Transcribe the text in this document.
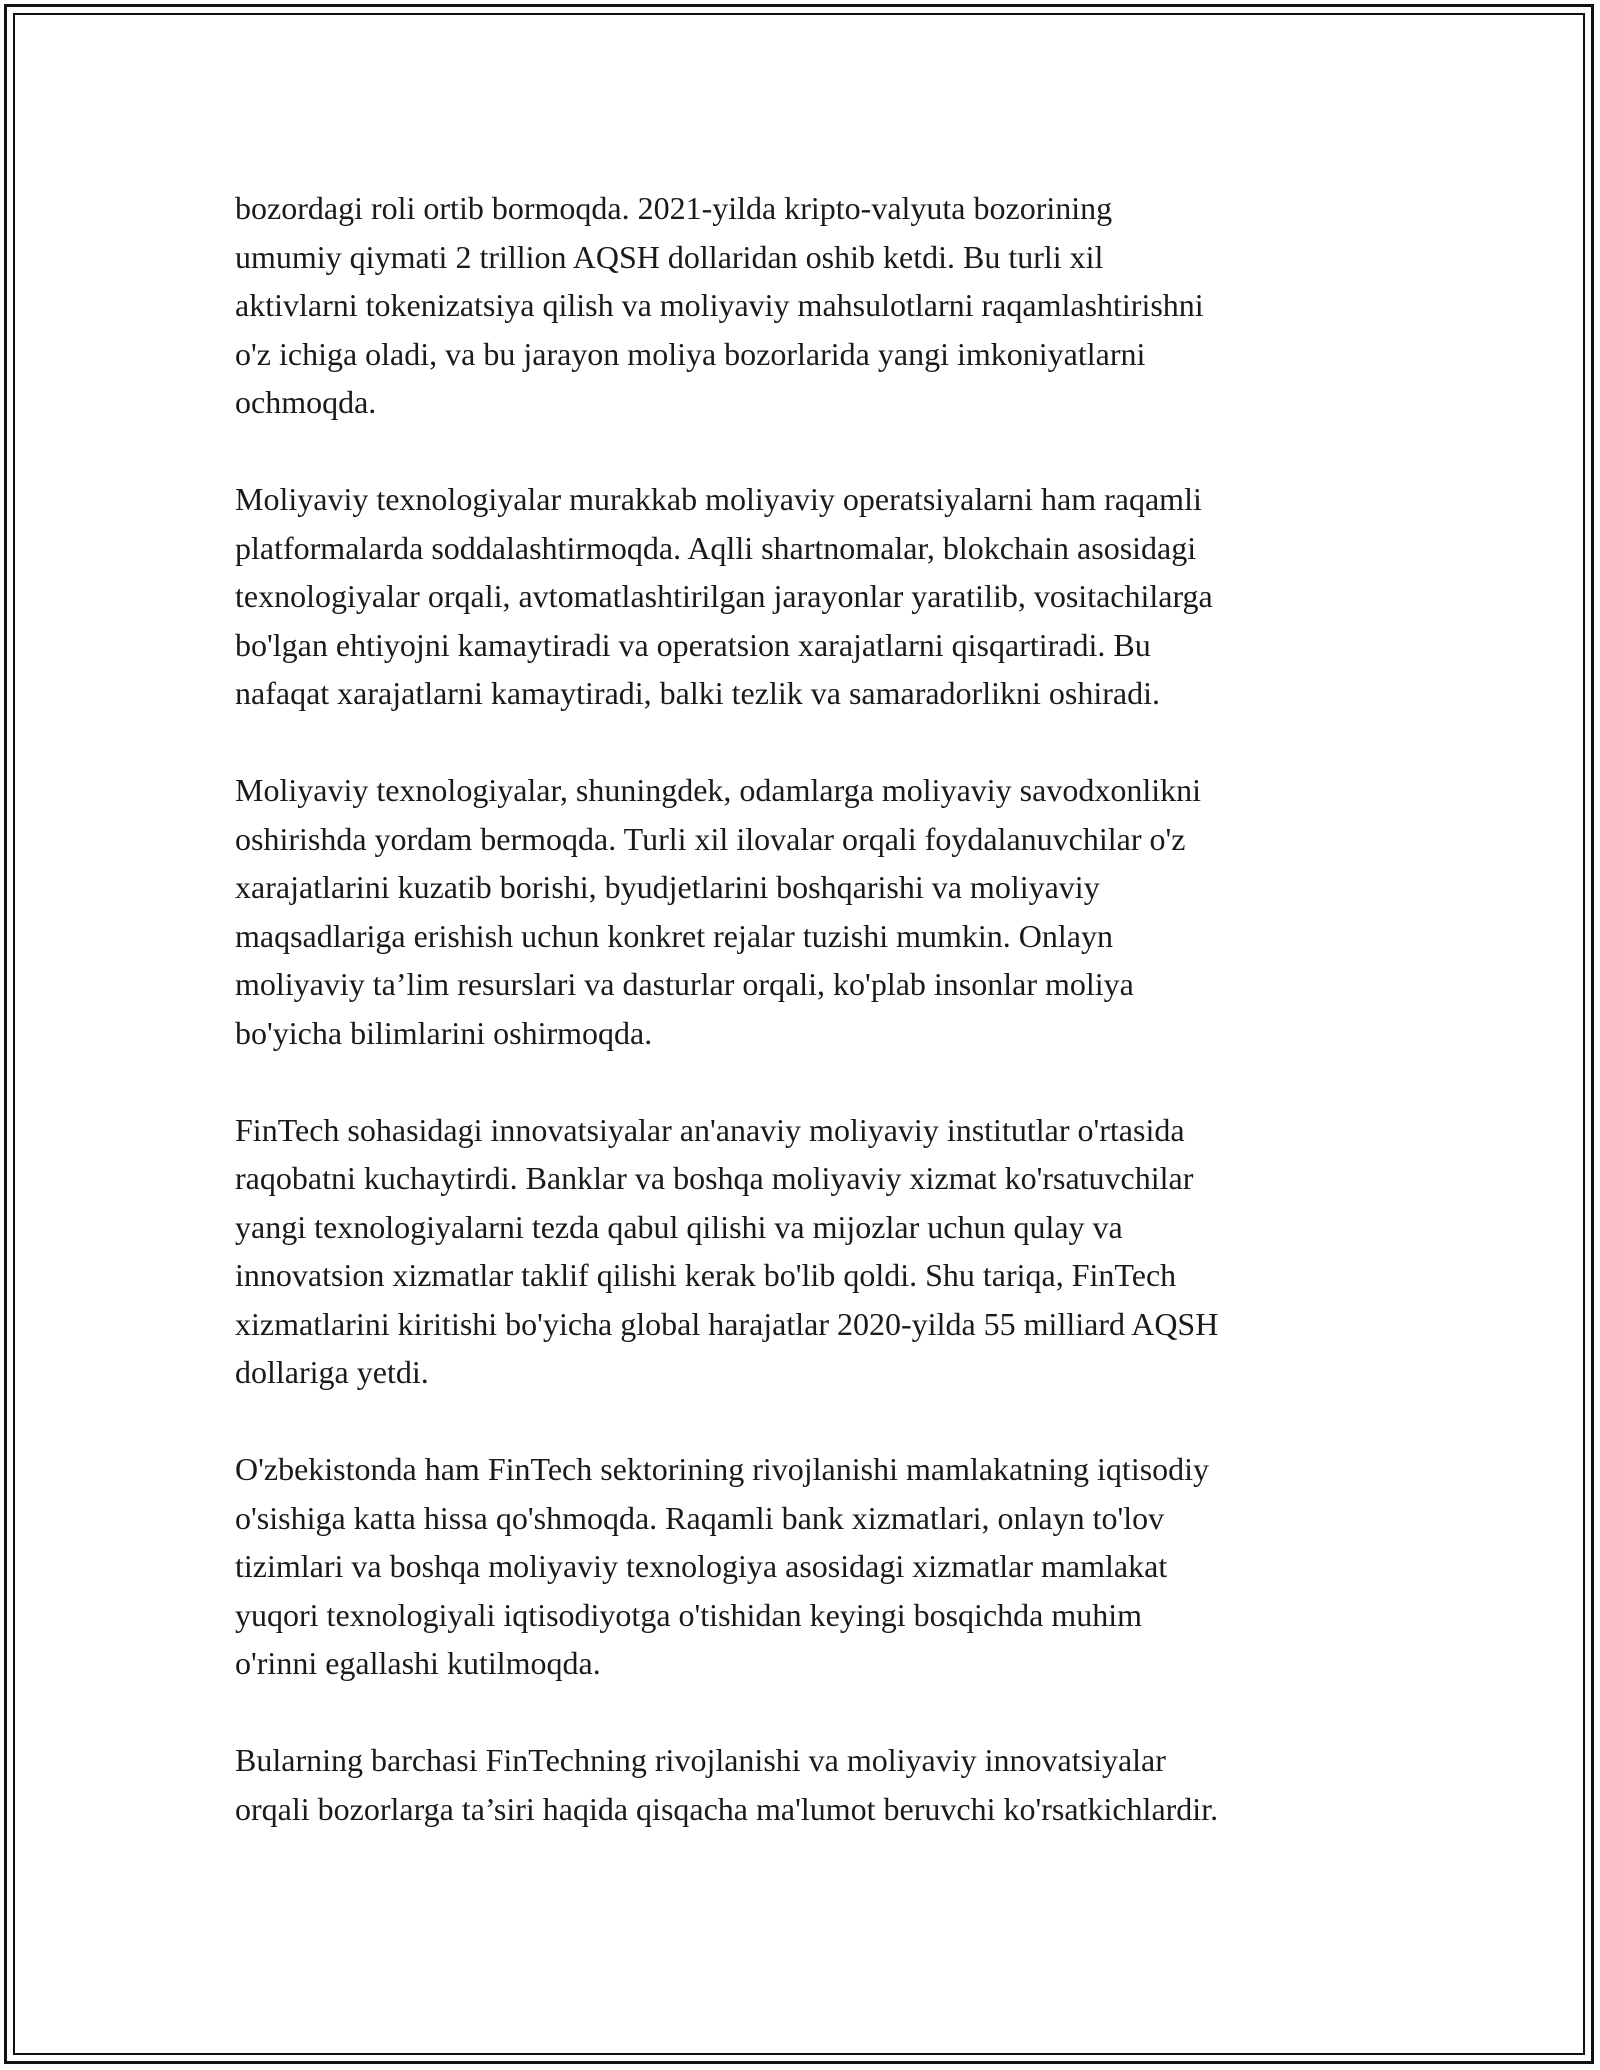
bozordagi roli ortib bormoqda. 2021-yilda kripto-valyuta bozorining
umumiy qiymati 2 trillion AQSH dollaridan oshib ketdi. Bu turli xil
aktivlarni tokenizatsiya qilish va moliyaviy mahsulotlarni raqamlashtirishni
o'z ichiga oladi, va bu jarayon moliya bozorlarida yangi imkoniyatlarni
ochmoqda.

Moliyaviy texnologiyalar murakkab moliyaviy operatsiyalarni ham raqamli
platformalarda soddalashtirmoqda. Aqlli shartnomalar, blokchain asosidagi
texnologiyalar orqali, avtomatlashtirilgan jarayonlar yaratilib, vositachilarga
bo'lgan ehtiyojni kamaytiradi va operatsion xarajatlarni qisqartiradi. Bu
nafaqat xarajatlarni kamaytiradi, balki tezlik va samaradorlikni oshiradi.

Moliyaviy texnologiyalar, shuningdek, odamlarga moliyaviy savodxonlikni
oshirishda yordam bermoqda. Turli xil ilovalar orqali foydalanuvchilar o'z
xarajatlarini kuzatib borishi, byudjetlarini boshqarishi va moliyaviy
maqsadlariga erishish uchun konkret rejalar tuzishi mumkin. Onlayn
moliyaviy ta’lim resurslari va dasturlar orqali, ko'plab insonlar moliya
bo'yicha bilimlarini oshirmoqda.

FinTech sohasidagi innovatsiyalar an'anaviy moliyaviy institutlar o'rtasida
raqobatni kuchaytirdi. Banklar va boshqa moliyaviy xizmat ko'rsatuvchilar
yangi texnologiyalarni tezda qabul qilishi va mijozlar uchun qulay va
innovatsion xizmatlar taklif qilishi kerak bo'lib qoldi. Shu tariqa, FinTech
xizmatlarini kiritishi bo'yicha global harajatlar 2020-yilda 55 milliard AQSH
dollariga yetdi.

O'zbekistonda ham FinTech sektorining rivojlanishi mamlakatning iqtisodiy
o'sishiga katta hissa qo'shmoqda. Raqamli bank xizmatlari, onlayn to'lov
tizimlari va boshqa moliyaviy texnologiya asosidagi xizmatlar mamlakat
yuqori texnologiyali iqtisodiyotga o'tishidan keyingi bosqichda muhim
o'rinni egallashi kutilmoqda.

Bularning barchasi FinTechning rivojlanishi va moliyaviy innovatsiyalar
orqali bozorlarga ta’siri haqida qisqacha ma'lumot beruvchi ko'rsatkichlardir.
